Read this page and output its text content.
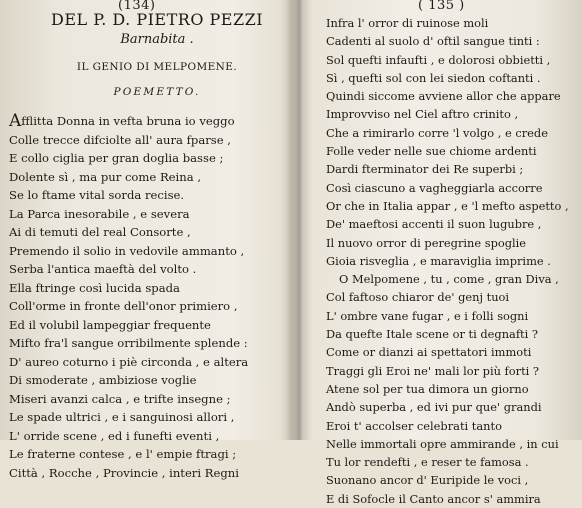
(134)
DEL P. D. PIETRO PEZZI
Barnabita .
IL GENIO DI MELPOMENE.
POEMETTO.
Afflitta Donna in vefta bruna io veggo
Colle trecce difciolte all' aura fparse ,
E collo ciglia per gran doglia basse ;
Dolente sì , ma pur come Reina ,
Se lo ftame vital sorda recise.
La Parca inesorabile , e severa
Ai di temuti del real Consorte ,
Premendo il solio in vedovile ammanto ,
Serba l'antica maeftà del volto .
Ella ftringe così lucida spada
Coll'orme in fronte dell'onor primiero ,
Ed il volubil lampeggiar frequente
Mifto fra'l sangue orribilmente splende :
D' aureo coturno i piè circonda , e altera
Di smoderate , ambiziose voglie
Miseri avanzi calca , e trifte insegne ;
Le spade ultrici , e i sanguinosi allori ,
L' orride scene , ed i funefti eventi ,
Le fraterne contese , e l' empie ftragi ;
Città , Rocche , Provincie , interi Regni
( 135 )
Infra l' orror di ruinose moli
Cadenti al suolo d' oftil sangue tinti :
Sol quefti infaufti , e dolorosi obbietti ,
Sì , quefti sol con lei siedon coftanti .
Quindi siccome avviene allor che appare
Improvviso nel Ciel aftro crinito ,
Che a rimirarlo corre 'l volgo , e crede
Folle veder nelle sue chiome ardenti
Dardi fterminator dei Re superbi ;
Così ciascuno a vagheggiarla accorre
Or che in Italia appar , e 'l mefto aspetto ,
De' maeftosi accenti il suon lugubre ,
Il nuovo orror di peregrine spoglie
Gioia risveglia , e maraviglia imprime .
O Melpomene , tu , come , gran Diva ,
Col faftoso chiaror de' genj tuoi
L' ombre vane fugar , e i folli sogni
Da quefte Itale scene or ti degnafti ?
Come or dianzi ai spettatori immoti
Traggi gli Eroi ne' mali lor più forti ?
Atene sol per tua dimora un giorno
Andò superba , ed ivi pur que' grandi
Eroi t' accolser celebrati tanto
Nelle immortali opre ammirande , in cui
Tu lor rendefti , e reser te famosa .
Suonano ancor d' Euripide le voci ,
E di Sofocle il Canto ancor s' ammira
